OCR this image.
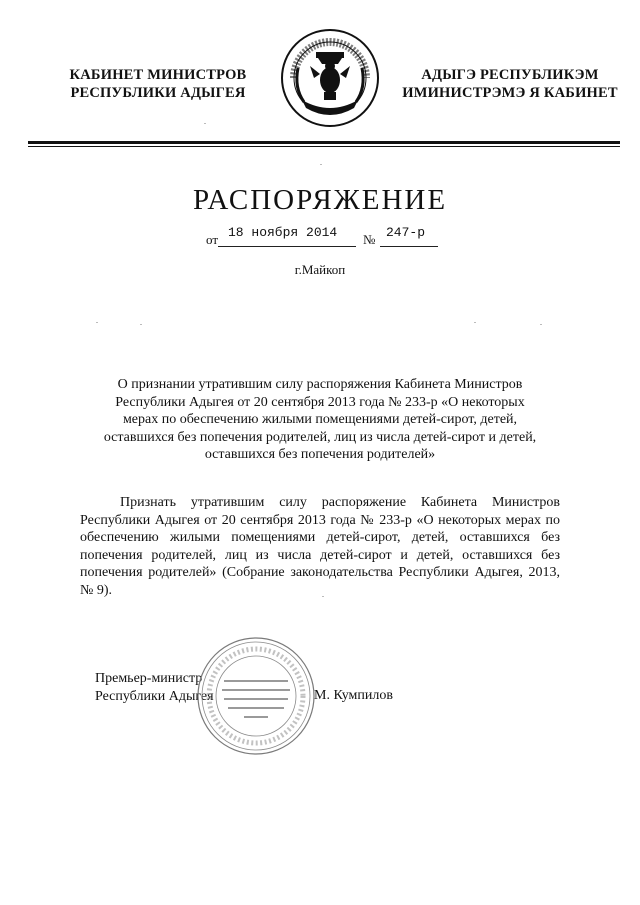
КАБИНЕТ МИНИСТРОВ
РЕСПУБЛИКИ АДЫГЕЯ
АДЫГЭ РЕСПУБЛИКЭМ
ИМИНИСТРЭМЭ Я КАБИНЕТ
РАСПОРЯЖЕНИЕ
от 18 ноября 2014 № 247-р
г.Майкоп
О признании утратившим силу распоряжения Кабинета Министров
Республики Адыгея от 20 сентября 2013 года № 233-р «О некоторых
мерах по обеспечению жилыми помещениями детей-сирот, детей,
оставшихся без попечения родителей, лиц из числа детей-сирот и детей,
оставшихся без попечения родителей»
Признать утратившим силу распоряжение Кабинета Министров Республики Адыгея от 20 сентября 2013 года № 233-р «О некоторых мерах по обеспечению жилыми помещениями детей-сирот, детей, оставшихся без попечения родителей, лиц из числа детей-сирот и детей, оставшихся без попечения родителей» (Собрание законодательства Республики Адыгея, 2013, № 9).
Премьер-министр
Республики Адыгея	М. Кумпилов
